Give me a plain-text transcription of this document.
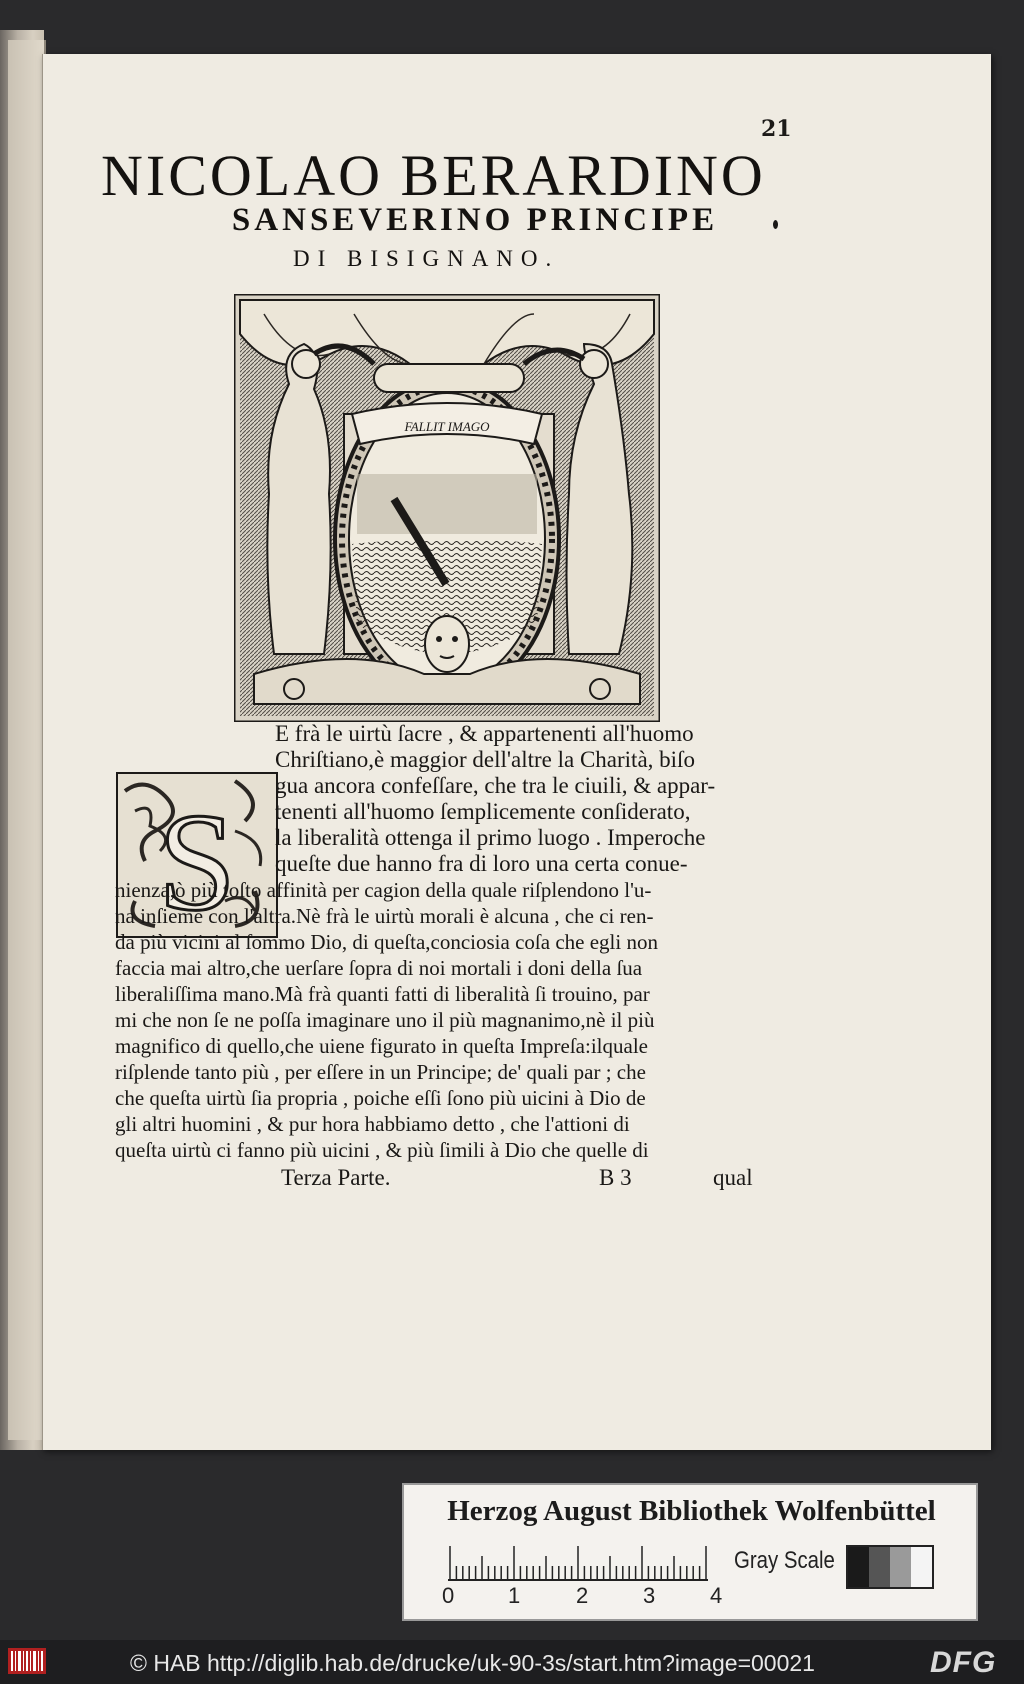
21
NICOLAO BERARDINO
SANSEVERINO PRINCIPE
DI BISIGNANO.
FALLIT IMAGO
S
E frà le uirtù ſacre , & appartenenti all'huomo
Chriſtiano,è maggior dell'altre la Charità, biſo
gua ancora confeſſare, che tra le ciuili, & appar-
tenenti all'huomo ſemplicemente conſiderato,
la liberalità ottenga il primo luogo . Imperoche
queſte due hanno fra di loro una certa conue-
nienza,ò più toſto affinità per cagion della quale riſplendono l'u-
na inſieme con l'altra.Nè frà le uirtù morali è alcuna , che ci ren-
da più vicini al ſommo Dio, di queſta,conciosia coſa che egli non
faccia mai altro,che uerſare ſopra di noi mortali i doni della ſua
liberaliſſima mano.Mà frà quanti fatti di liberalità ſi trouino, par
mi che non ſe ne poſſa imaginare uno il più magnanimo,nè il più
magnifico di quello,che uiene figurato in queſta Impreſa:ilquale
riſplende tanto più , per eſſere in un Principe; de' quali par ; che
che queſta uirtù ſia propria , poiche eſſi ſono più uicini à Dio de
gli altri huomini , & pur hora habbiamo detto , che l'attioni di
queſta uirtù ci fanno più uicini , & più ſimili à Dio che quelle di
Terza Parte.	B 3	qual
Herzog August Bibliothek Wolfenbüttel
0 1	2 3 4
Gray Scale
© HAB http://diglib.hab.de/drucke/uk-90-3s/start.htm?image=00021	DFG
